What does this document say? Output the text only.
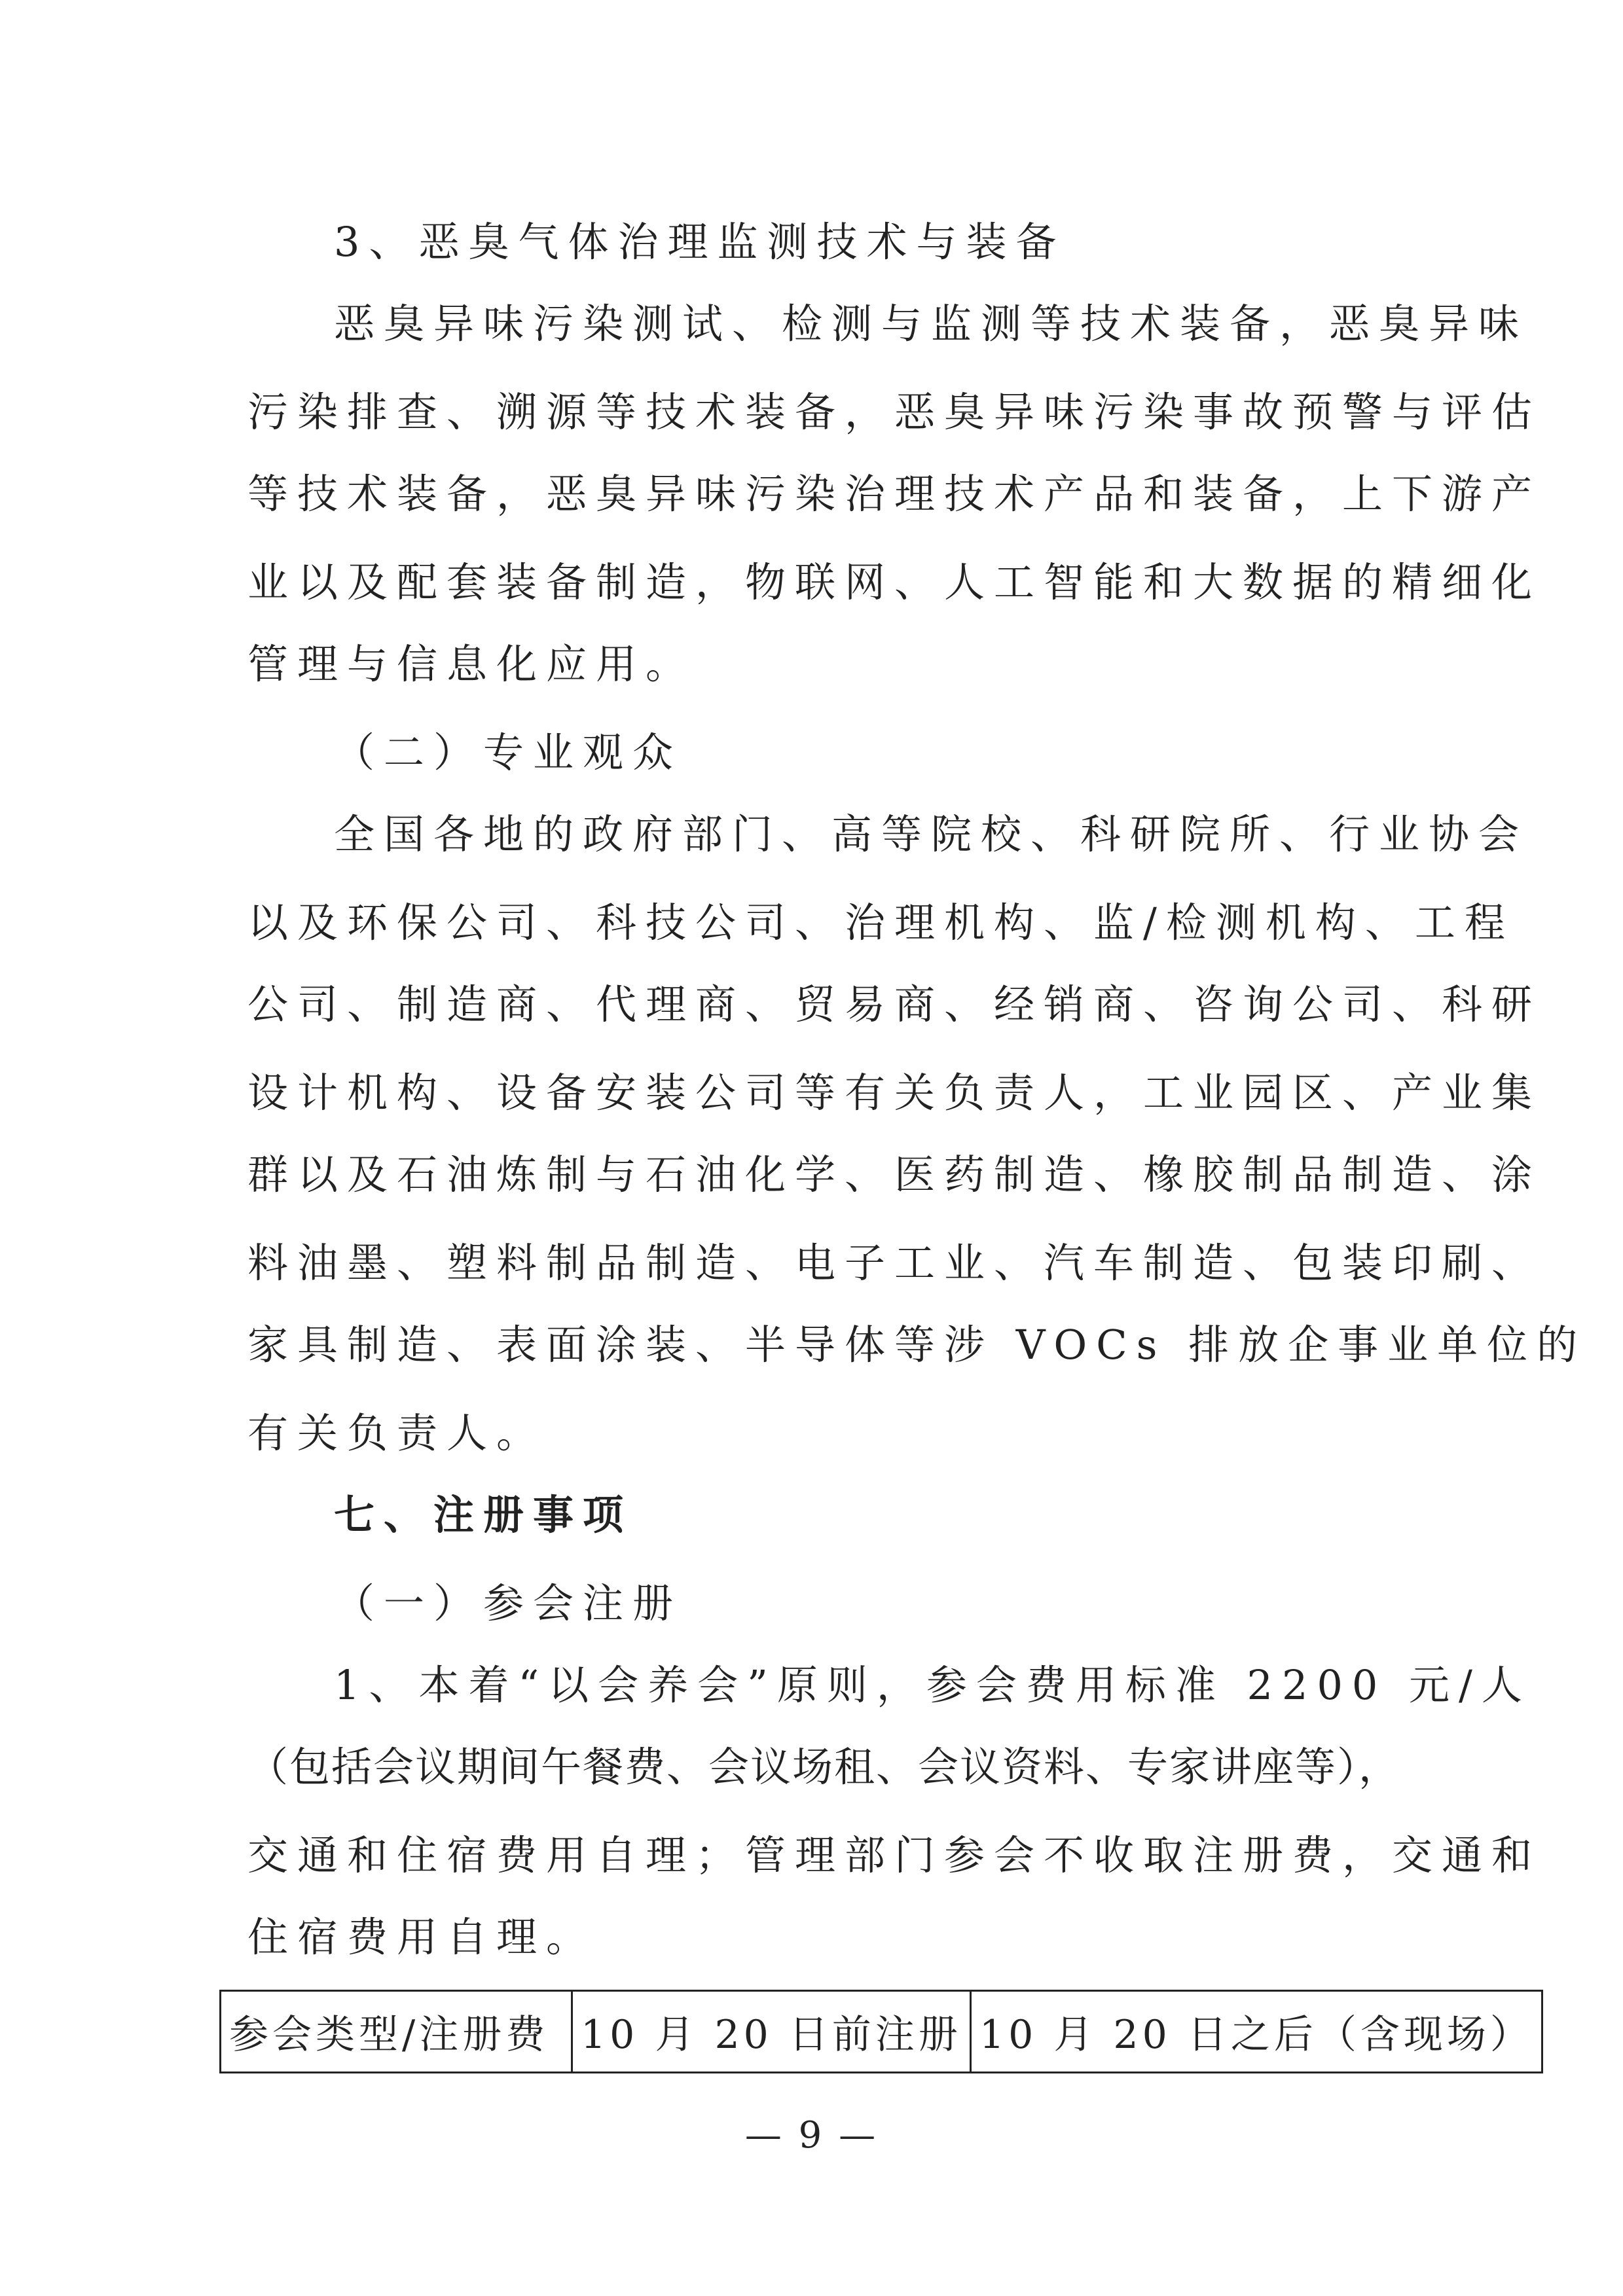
3、恶臭气体治理监测技术与装备
恶臭异味污染测试、检测与监测等技术装备，恶臭异味
污染排查、溯源等技术装备，恶臭异味污染事故预警与评估
等技术装备，恶臭异味污染治理技术产品和装备，上下游产
业以及配套装备制造，物联网、人工智能和大数据的精细化
管理与信息化应用。
（二）专业观众
全国各地的政府部门、高等院校、科研院所、行业协会
以及环保公司、科技公司、治理机构、监/检测机构、工程
公司、制造商、代理商、贸易商、经销商、咨询公司、科研
设计机构、设备安装公司等有关负责人，工业园区、产业集
群以及石油炼制与石油化学、医药制造、橡胶制品制造、涂
料油墨、塑料制品制造、电子工业、汽车制造、包装印刷、
家具制造、表面涂装、半导体等涉 VOCs 排放企事业单位的
有关负责人。
七、注册事项
（一）参会注册
1、本着“以会养会”原则，参会费用标准 2200 元/人
（包括会议期间午餐费、会议场租、会议资料、专家讲座等），
交通和住宿费用自理；管理部门参会不收取注册费，交通和
住宿费用自理。
参会类型/注册费	10 月 20 日前注册	10 月 20 日之后（含现场）
— 9 —
